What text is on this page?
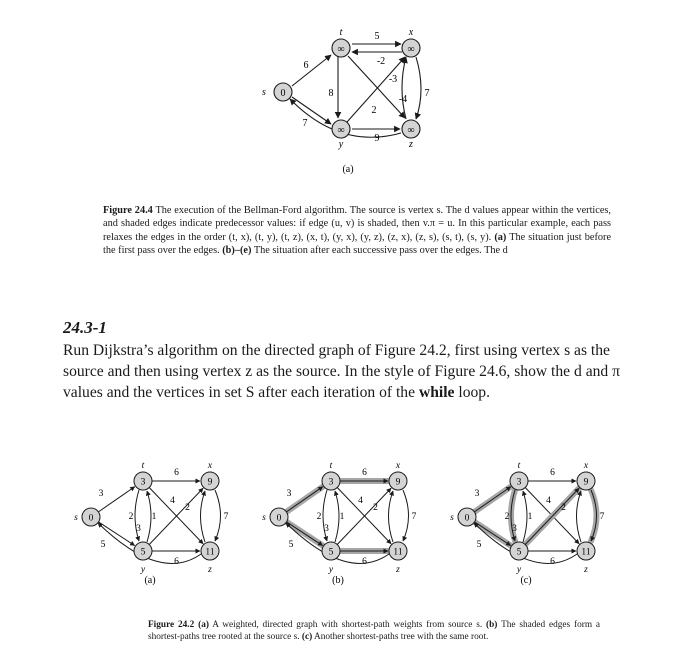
0
∞	∞
∞	∞
s
t	x
y	z
6
7
5
-2
8
-3
-4
7
2
9
(a)
Figure 24.4 The execution of the Bellman-Ford algorithm. The source is vertex s. The d values appear within the vertices, and shaded edges indicate predecessor values: if edge (u, v) is shaded, then v.π = u. In this particular example, each pass relaxes the edges in the order (t, x), (t, y), (t, z), (x, t), (y, x), (y, z), (z, x), (z, s), (s, t), (s, y). (a) The situation just before the first pass over the edges. (b)–(e) The situation after each successive pass over the edges. The d
24.3-1
Run Dijkstra’s algorithm on the directed graph of Figure 24.2, first using vertex s as the source and then using vertex z as the source. In the style of Figure 24.6, show the d and π values and the vertices in set S after each iteration of the while loop.
3
5
6
2 1
4
2
7
6
3
0
s
3
t
9
x
5
y
11
z
(a)
3
5
6
2 1
4
2
7
6
3
0
s
3
t
9
x
5
y
11
z
(b)
3
5
6
2 1
4
2
7
6
3
0
s
3
t
9
x
5
y
11
z
(c)
Figure 24.2 (a) A weighted, directed graph with shortest-path weights from source s. (b) The shaded edges form a shortest-paths tree rooted at the source s. (c) Another shortest-paths tree with the same root.
